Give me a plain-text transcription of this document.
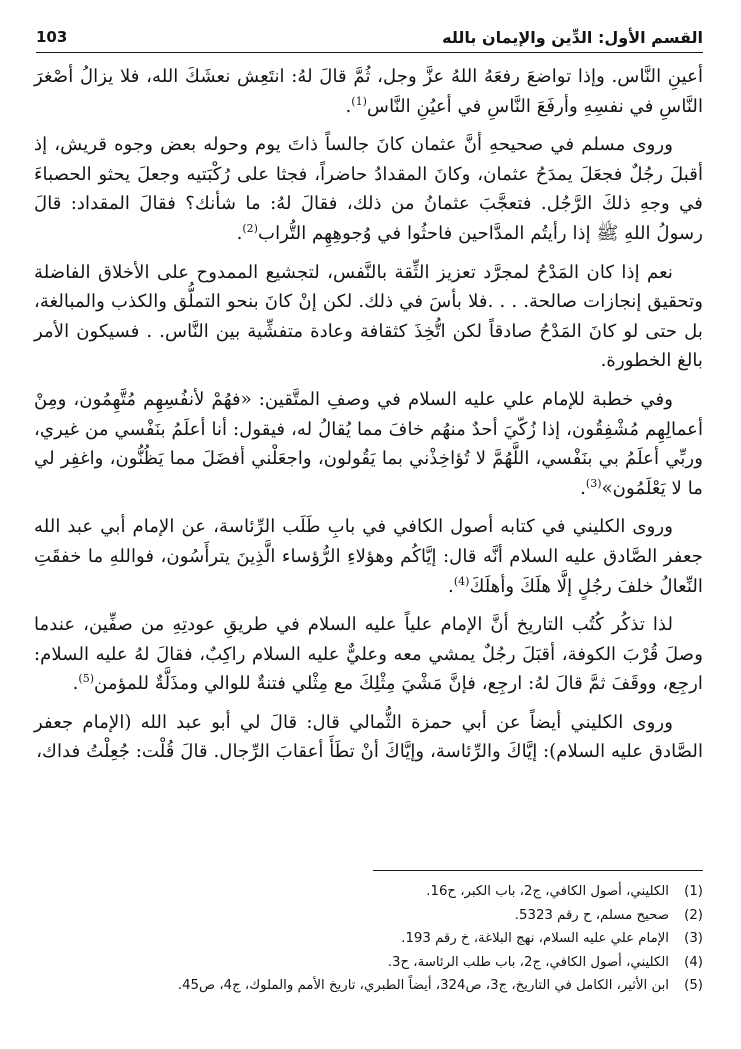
103	القسم الأول: الدِّين والإيمان بالله

أعينِ النَّاس. وإذا تواضعَ رفعَهُ اللهُ عزَّ وجل، ثُمَّ قالَ لهُ: انتَعِش نعشَكَ الله، فلا يزالُ أصْغرَ النَّاسِ في نفسِهِ وأرفَعَ النَّاسِ في أعيُنِ النَّاس$^{(1)}$.

وروى مسلم في صحيحهِ أنَّ عثمان كانَ جالساً ذاتَ يوم وحوله بعض وجوه قريش، إذ أقبلَ رجُلٌ فجعَلَ يمدَحُ عثمان، وكانَ المقدادُ حاضراً، فجثا على رُكْبَتيه وجعلَ يحثو الحصباءَ في وجهِ ذلكَ الرَّجُل. فتعجَّبَ عثمانُ من ذلك، فقالَ لهُ: ما شأنك؟ فقالَ المقداد: قالَ رسولُ اللهِ ﷺ إذا رأيتُم المدَّاحين فاحثُوا في وُجوهِهِم التُّراب$^{(2)}$.

نعم إذا كان المَدْحُ لمجرَّد تعزيز الثِّقة بالنَّفس، لتجشيع الممدوح على الأخلاق الفاضلة وتحقيق إنجازات صالحة. . . .فلا بأسَ في ذلك. لكن إنْ كانَ بنحو التملُّق والكذب والمبالغة، بل حتى لو كانَ المَدْحُ صادقاً لكن اتُّخِذَ كثقافة وعادة متفشِّية بين النَّاس. . فسيكون الأمر بالغ الخطورة.

وفي خطبة للإمام علي عليه السلام في وصفِ المتَّقين: «فهُمْ لأنفُسِهِم مُتَّهِمُون، ومِنْ أعمالِهِم مُشْفِقُون، إذا زُكّيَ أحدٌ منهُم خافَ مما يُقالُ له، فيقول: أنا أعلَمُ بنَفْسي من غيري، وربِّي أعلَمُ بي بنَفْسي، اللَّهُمَّ لا تُؤاخِذْني بما يَقُولون، واجعَلْني أفضَلَ مما يَظُنُّون، واغفِر لي ما لا يَعْلَمُون»$^{(3)}$.

وروى الكليني في كتابه أصول الكافي في بابِ طَلَب الرِّئاسة، عن الإمام أبي عبد الله جعفر الصَّادق عليه السلام أنَّه قال: إيَّاكُم وهؤلاءِ الرُّؤساء الَّذِينَ يترأَسُون، فواللهِ ما خفقَتِ النِّعالُ خلفَ رجُلٍ إلَّا هلَكَ وأهلَكَ$^{(4)}$.

لذا تذكُر كُتُب التاريخ أنَّ الإمام علياً عليه السلام في طريقِ عودتِهِ من صفِّين، عندما وصلَ قُرْبَ الكوفة، أقبَلَ رجُلٌ يمشي معه وعليٌّ عليه السلام راكِبٌ، فقالَ لهُ عليه السلام: ارجِع، ووقَفَ ثمَّ قالَ لهُ: ارجِع، فإنَّ مَشْيَ مِثْلِكَ مع مِثْلي فتنةٌ للوالي ومذَلَّةٌ للمؤمن$^{(5)}$.

وروى الكليني أيضاً عن أبي حمزة الثُّمالي قال: قالَ لي أبو عبد الله (الإمام جعفر الصَّادق عليه السلام): إيَّاكَ والرِّئاسة، وإيَّاكَ أنْ تطَأَ أعقابَ الرِّجال. قالَ قُلْت: جُعِلْتُ فداك،

(1)
الكليني، أصول الكافي، ج2، باب الكبر، ح16.
(2)
صحيح مسلم، ح رقم 5323.
(3)
الإمام علي عليه السلام، نهج البلاغة، خ رقم 193.
(4)
الكليني، أصول الكافي، ج2، باب طلب الرئاسة، ح3.
(5)
ابن الأثير، الكامل في التاريخ، ج3، ص324، أيضاً الطبري، تاريخ الأمم والملوك، ج4، ص45.
